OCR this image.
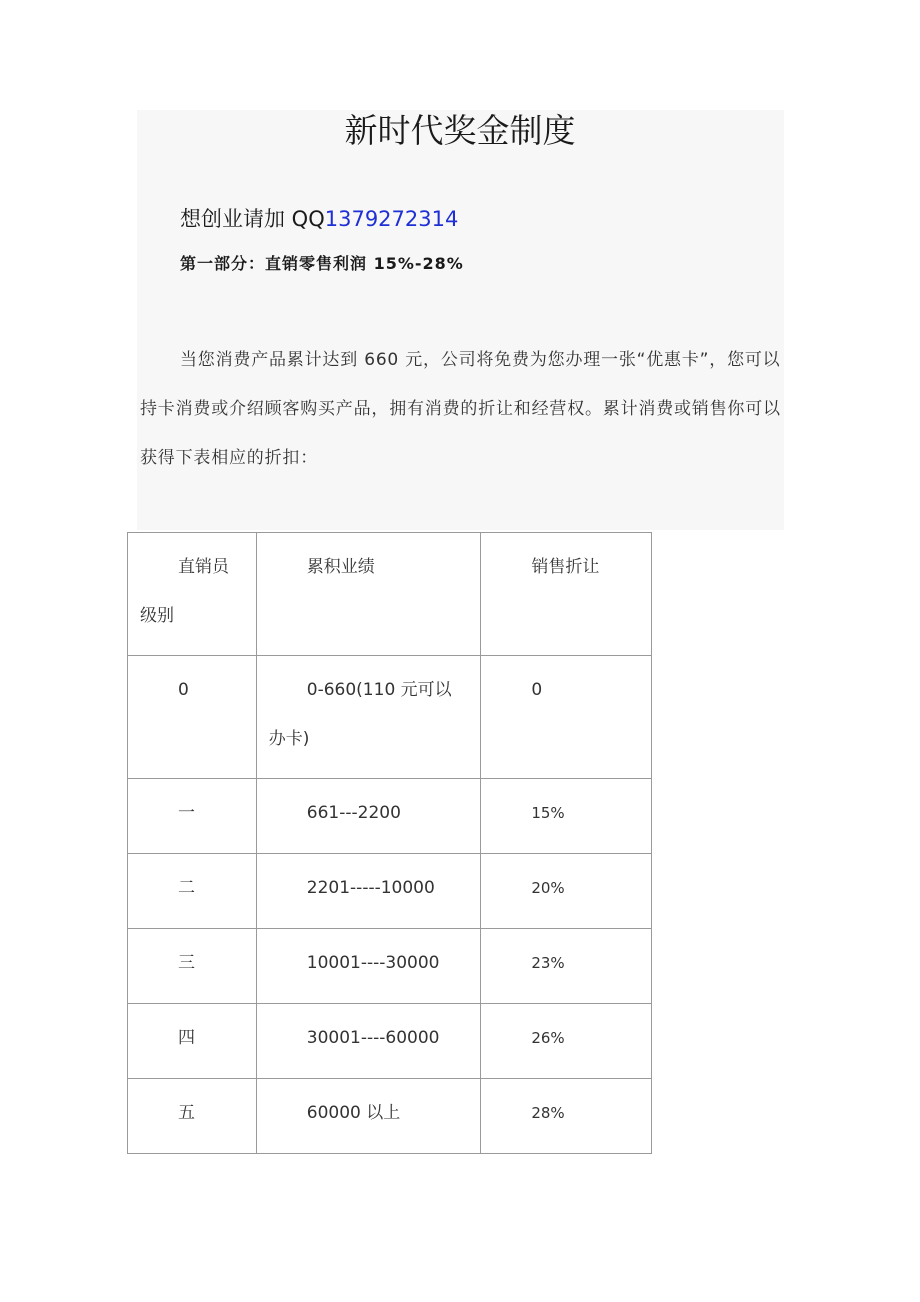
新时代奖金制度
想创业请加 QQ1379272314
第一部分：直销零售利润 15%-28%
当您消费产品累计达到 660 元，公司将免费为您办理一张“优惠卡”，您可以持卡消费或介绍顾客购买产品，拥有消费的折让和经营权。累计消费或销售你可以获得下表相应的折扣：
直销员级别	累积业绩	销售折让

0	0-660(110 元可以办卡)	0

一	661---2200	15%

二	2201-----10000	20%

三	10001----30000	23%

四	30001----60000	26%

五	60000 以上	28%
